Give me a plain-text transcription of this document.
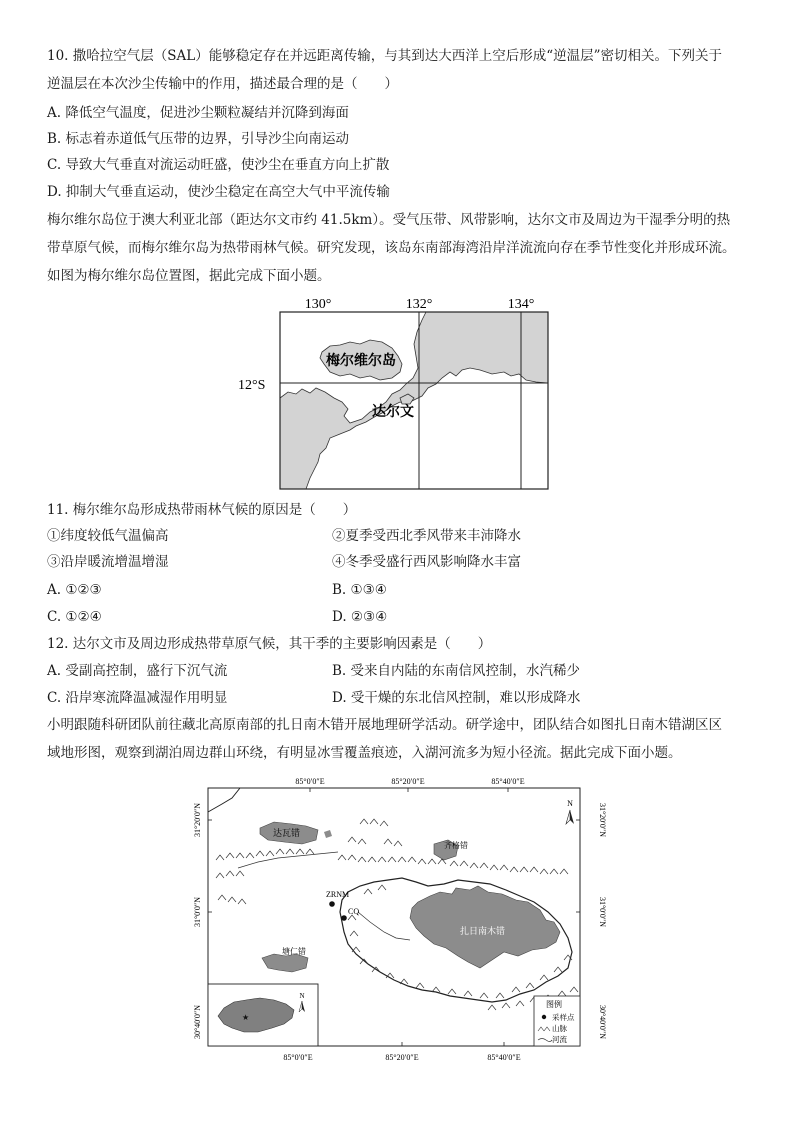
10. 撒哈拉空气层（SAL）能够稳定存在并远距离传输，与其到达大西洋上空后形成“逆温层”密切相关。下列关于
逆温层在本次沙尘传输中的作用，描述最合理的是（　　）
A. 降低空气温度，促进沙尘颗粒凝结并沉降到海面
B. 标志着赤道低气压带的边界，引导沙尘向南运动
C. 导致大气垂直对流运动旺盛，使沙尘在垂直方向上扩散
D. 抑制大气垂直运动，使沙尘稳定在高空大气中平流传输
梅尔维尔岛位于澳大利亚北部（距达尔文市约 41.5km）。受气压带、风带影响，达尔文市及周边为干湿季分明的热
带草原气候，而梅尔维尔岛为热带雨林气候。研究发现，该岛东南部海湾沿岸洋流流向存在季节性变化并形成环流。
如图为梅尔维尔岛位置图，据此完成下面小题。
130°	132°	134°
12°S
梅尔维尔岛
达尔文
11. 梅尔维尔岛形成热带雨林气候的原因是（　　）
①纬度较低气温偏高	②夏季受西北季风带来丰沛降水
③沿岸暖流增温增湿	④冬季受盛行西风影响降水丰富
A. ①②③	B. ①③④
C. ①②④	D. ②③④
12. 达尔文市及周边形成热带草原气候，其干季的主要影响因素是（　　）
A. 受副高控制，盛行下沉气流	B. 受来自内陆的东南信风控制，水汽稀少
C. 沿岸寒流降温减湿作用明显	D. 受干燥的东北信风控制，难以形成降水
小明跟随科研团队前往藏北高原南部的扎日南木错开展地理研学活动。研学途中，团队结合如图扎日南木错湖区区
域地形图，观察到湖泊周边群山环绕，有明显冰雪覆盖痕迹，入湖河流多为短小径流。据此完成下面小题。
85°0′0″E	85°20′0″E	85°40′0″E
85°0′0″E	85°20′0″E	85°40′0″E
31°20′0″N
31°0′0″N
30°40′0″N
31°20′0″N
31°0′0″N
30°40′0″N
N
达瓦错
齐格错
扎日南木错
塘仁错
ZRNM
CQ
★
N
图例
采样点
山脉
河流
